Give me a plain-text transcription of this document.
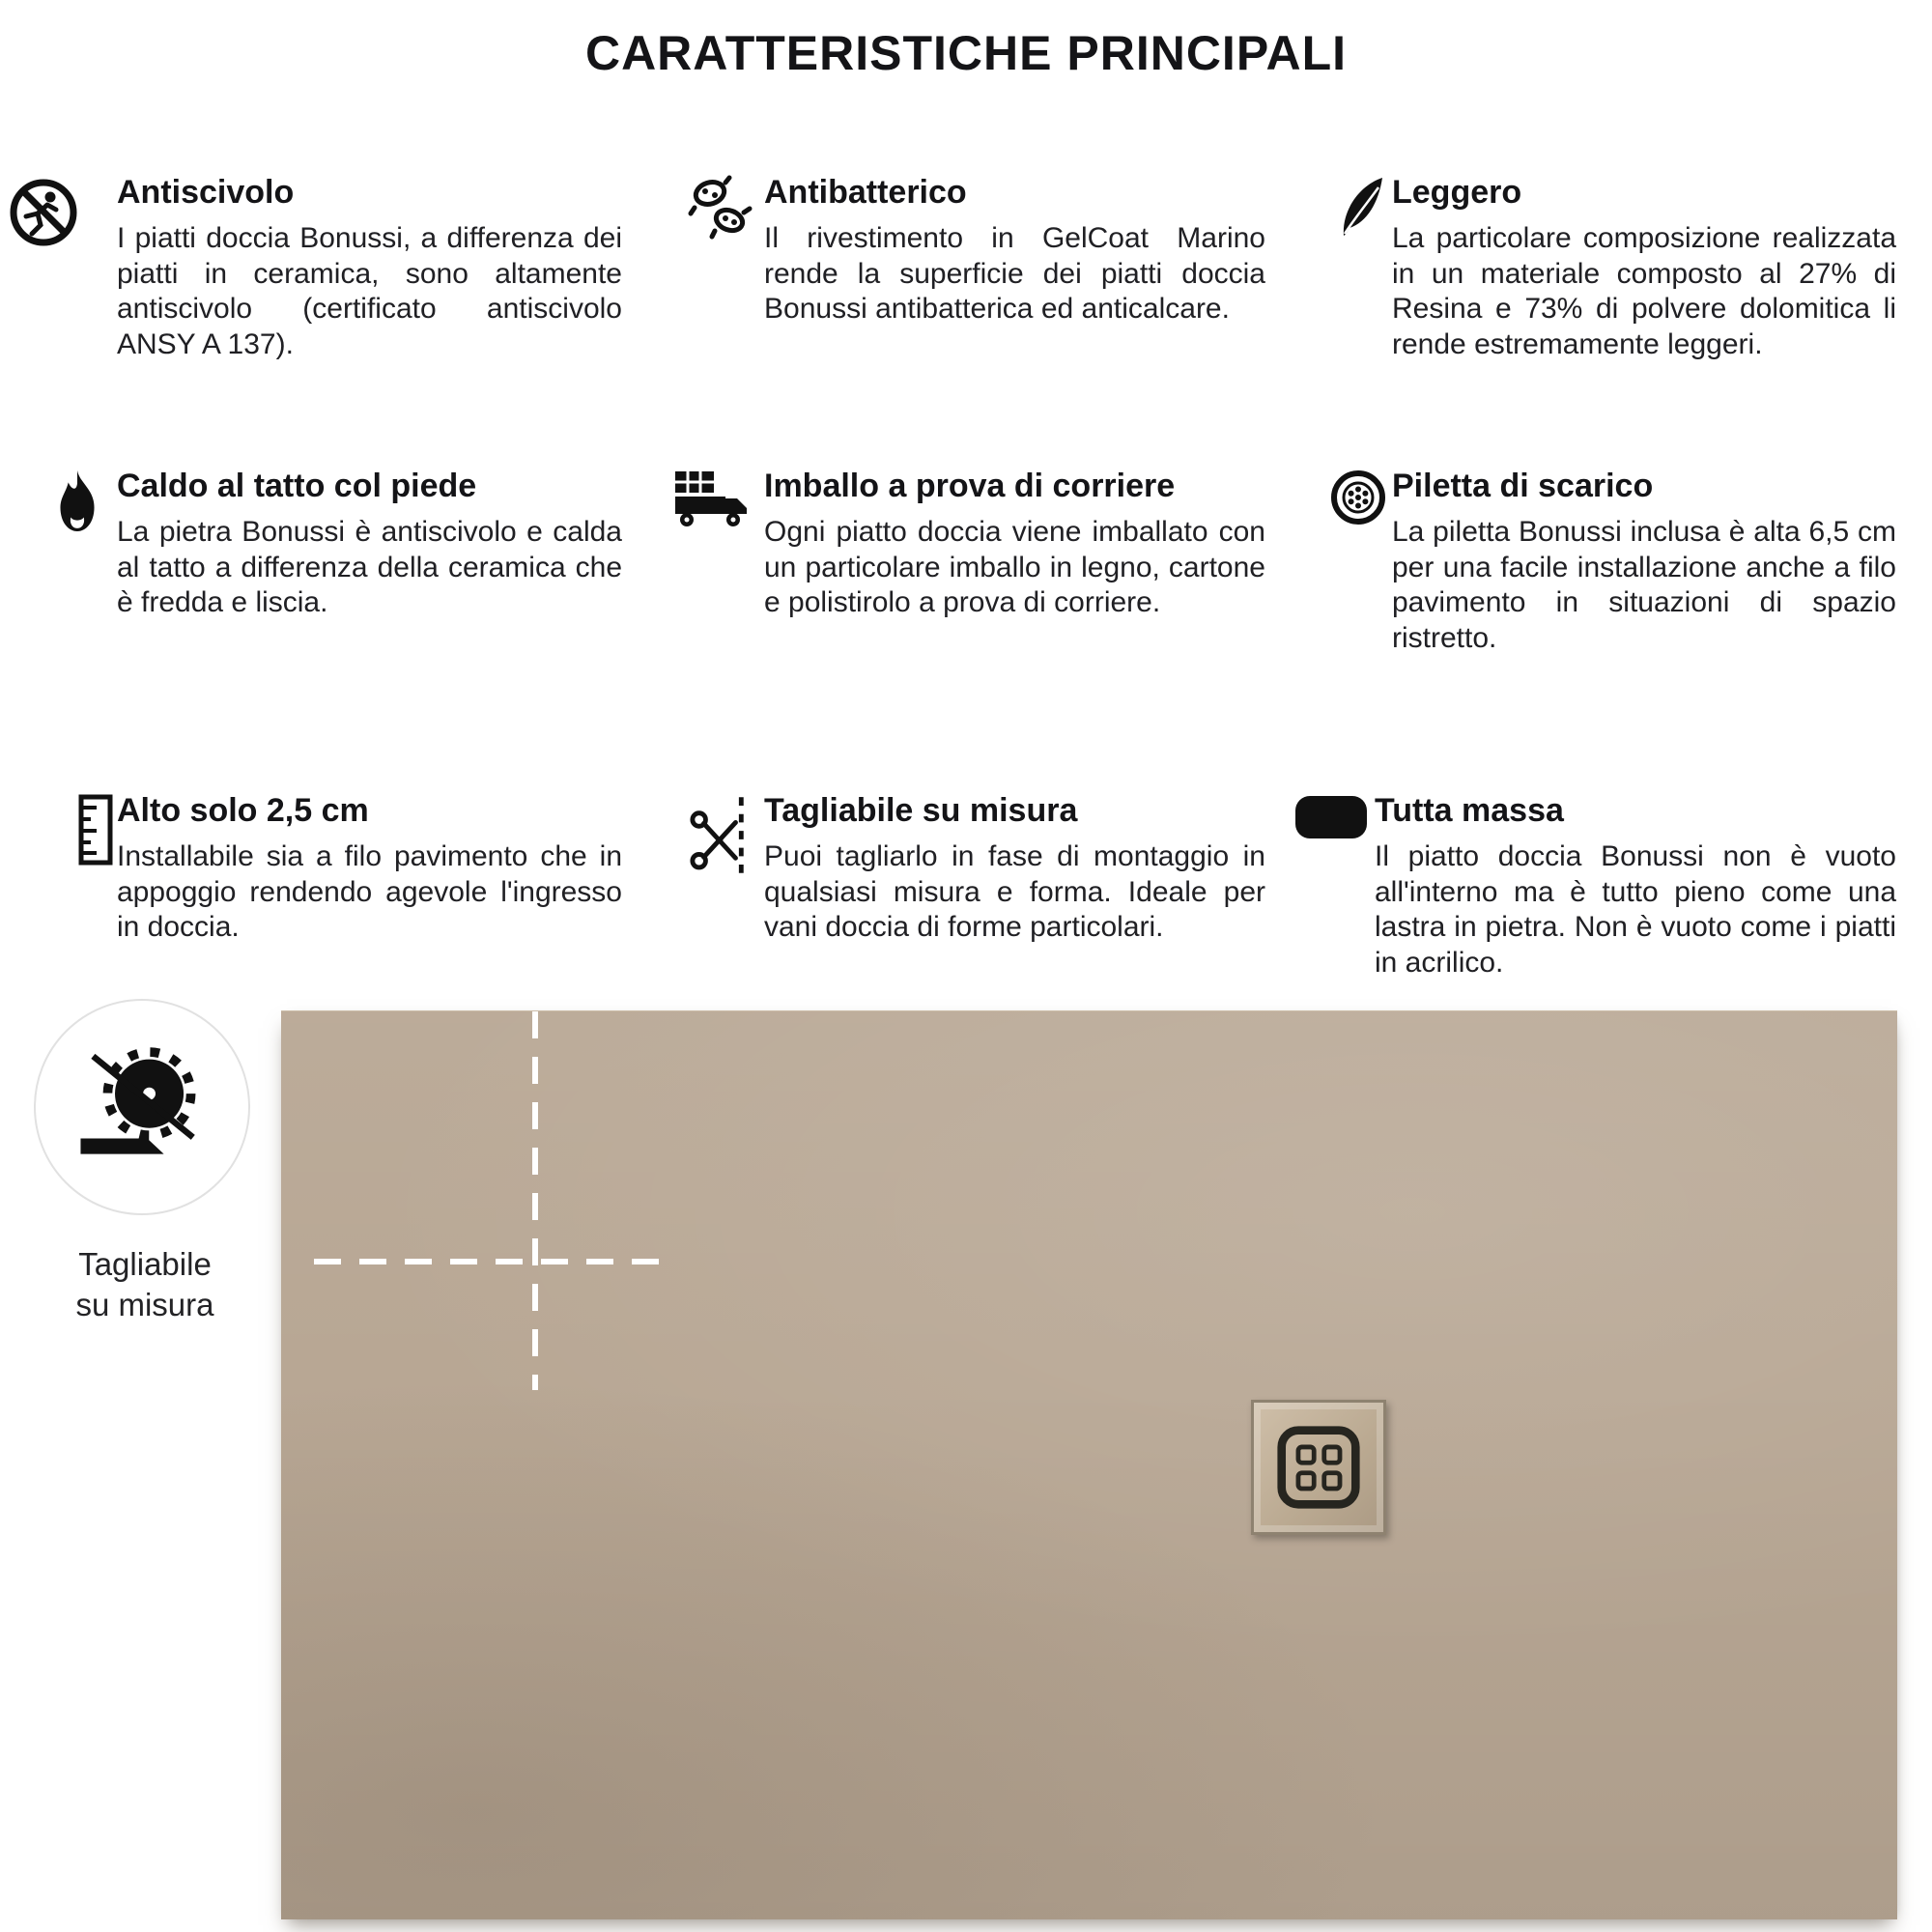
CARATTERISTICHE PRINCIPALI
Antiscivolo

I piatti doccia Bonussi, a differenza dei piatti in ceramica, sono altamente antiscivolo (certificato antiscivolo ANSY A 137).

Antibatterico

Il rivestimento in GelCoat Marino rende la superficie dei piatti doccia Bonussi antibatterica ed anticalcare.

Leggero

La particolare composizione realizzata in un materiale composto al 27% di Resina e 73% di polvere dolomitica li rende estremamente leggeri.

Caldo al tatto col piede

La pietra Bonussi è antiscivolo e calda al tatto a differenza della ceramica che è fredda e liscia.

Imballo a prova di corriere

Ogni piatto doccia viene imballato con un particolare imballo in legno, cartone e polistirolo a prova di corriere.

Piletta di scarico

La piletta Bonussi inclusa è alta 6,5 cm per una facile installazione anche a filo pavimento in situazioni di spazio ristretto.

Alto solo 2,5 cm

Installabile sia a filo pavimento che in appoggio rendendo agevole l'ingresso in doccia.

Tagliabile su misura

Puoi tagliarlo in fase di montaggio in qualsiasi misura e forma. Ideale per vani doccia di forme particolari.

Tutta massa

Il piatto doccia Bonussi non è vuoto all'interno ma è tutto pieno come una lastra in pietra. Non è vuoto come i piatti in acrilico.

Tagliabile
su misura
